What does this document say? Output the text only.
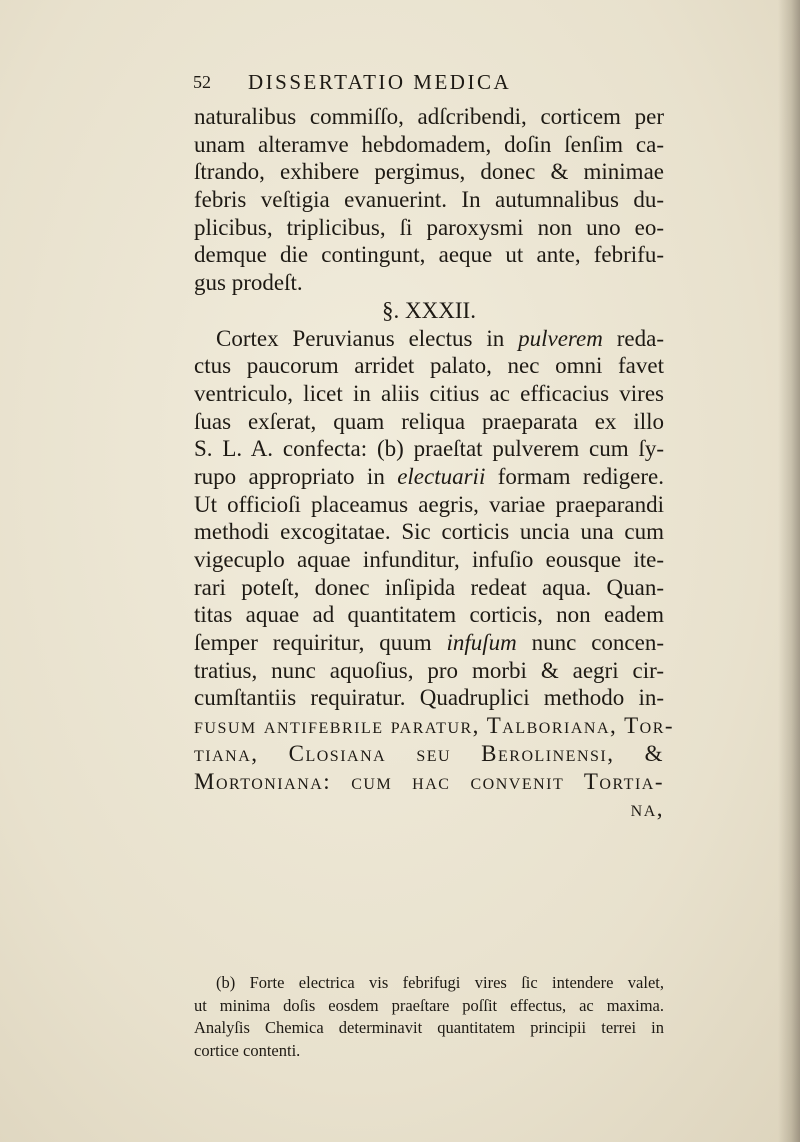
52 DISSERTATIO MEDICA
naturalibus commiſſo, adſcribendi, corticem per
unam alteramve hebdomadem, doſin ſenſim ca-
ſtrando, exhibere pergimus, donec & minimae
febris veſtigia evanuerint. In autumnalibus du-
plicibus, triplicibus, ſi paroxysmi non uno eo-
demque die contingunt, aeque ut ante, febrifu-
gus prodeſt.
§. XXXII.
Cortex Peruvianus electus in pulverem reda-
ctus paucorum arridet palato, nec omni favet
ventriculo, licet in aliis citius ac efficacius vires
ſuas exſerat, quam reliqua praeparata ex illo
S. L. A. confecta: (b) praeſtat pulverem cum ſy-
rupo appropriato in electuarii formam redigere.
Ut officioſi placeamus aegris, variae praeparandi
methodi excogitatae. Sic corticis uncia una cum
vigecuplo aquae infunditur, infuſio eousque ite-
rari poteſt, donec inſipida redeat aqua. Quan-
titas aquae ad quantitatem corticis, non eadem
ſemper requiritur, quum infuſum nunc concen-
tratius, nunc aquoſius, pro morbi & aegri cir-
cumſtantiis requiratur. Quadruplici methodo in-
fuſum antifebrile paratur, Talboriana, Tor-
tiana, Closiana ſeu Berolinensi, &
Mortoniana: cum hac convenit Tortia-
na,
(b) Forte electrica vis febrifugi vires ſic intendere valet,
ut minima doſis eosdem praeſtare poſſit effectus, ac maxima.
Analyſis Chemica determinavit quantitatem principii terrei in
cortice contenti.
